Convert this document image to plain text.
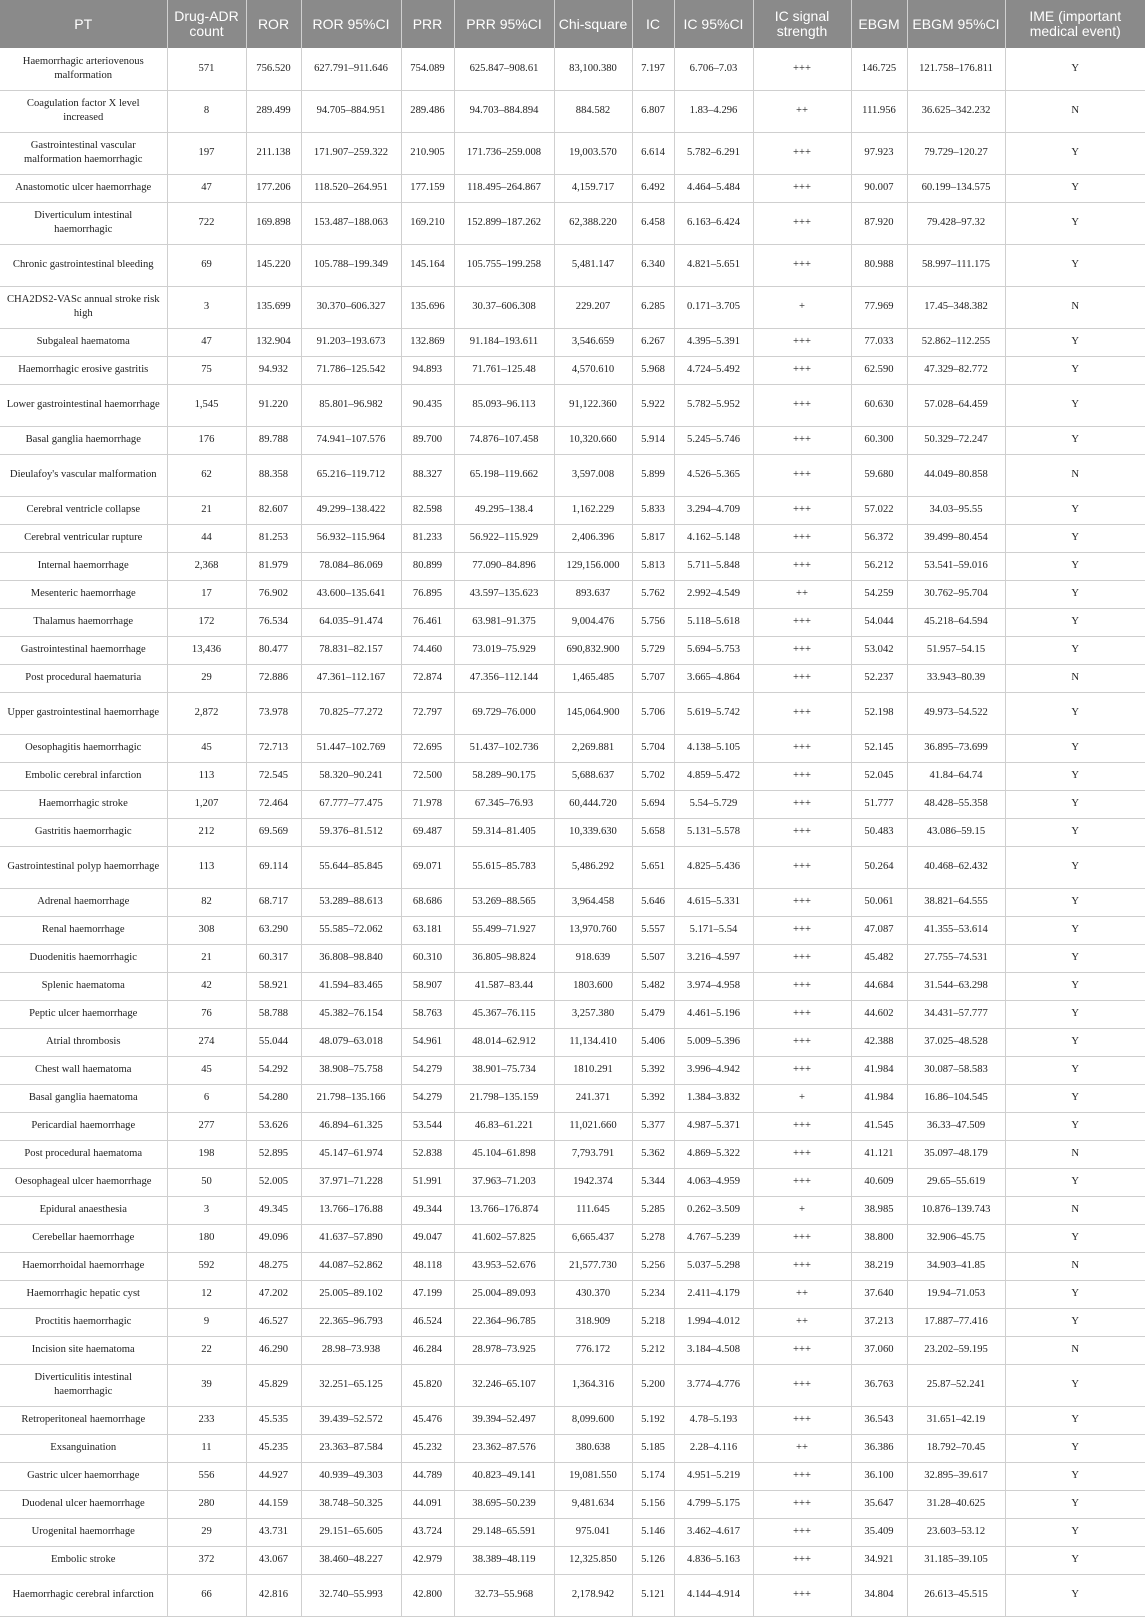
PT	Drug-ADR count	ROR	ROR 95%CI	PRR	PRR 95%CI	Chi-square	IC	IC 95%CI	IC signal strength	EBGM	EBGM 95%CI	IME (important medical event)
Haemorrhagic arteriovenous malformation	571	756.520	627.791–911.646	754.089	625.847–908.61	83,100.380	7.197	6.706–7.03	+++	146.725	121.758–176.811	Y
Coagulation factor X level increased	8	289.499	94.705–884.951	289.486	94.703–884.894	884.582	6.807	1.83–4.296	++	111.956	36.625–342.232	N
Gastrointestinal vascular malformation haemorrhagic	197	211.138	171.907–259.322	210.905	171.736–259.008	19,003.570	6.614	5.782–6.291	+++	97.923	79.729–120.27	Y
Anastomotic ulcer haemorrhage	47	177.206	118.520–264.951	177.159	118.495–264.867	4,159.717	6.492	4.464–5.484	+++	90.007	60.199–134.575	Y
Diverticulum intestinal haemorrhagic	722	169.898	153.487–188.063	169.210	152.899–187.262	62,388.220	6.458	6.163–6.424	+++	87.920	79.428–97.32	Y
Chronic gastrointestinal bleeding	69	145.220	105.788–199.349	145.164	105.755–199.258	5,481.147	6.340	4.821–5.651	+++	80.988	58.997–111.175	Y
CHA2DS2-VASc annual stroke risk high	3	135.699	30.370–606.327	135.696	30.37–606.308	229.207	6.285	0.171–3.705	+	77.969	17.45–348.382	N
Subgaleal haematoma	47	132.904	91.203–193.673	132.869	91.184–193.611	3,546.659	6.267	4.395–5.391	+++	77.033	52.862–112.255	Y
Haemorrhagic erosive gastritis	75	94.932	71.786–125.542	94.893	71.761–125.48	4,570.610	5.968	4.724–5.492	+++	62.590	47.329–82.772	Y
Lower gastrointestinal haemorrhage	1,545	91.220	85.801–96.982	90.435	85.093–96.113	91,122.360	5.922	5.782–5.952	+++	60.630	57.028–64.459	Y
Basal ganglia haemorrhage	176	89.788	74.941–107.576	89.700	74.876–107.458	10,320.660	5.914	5.245–5.746	+++	60.300	50.329–72.247	Y
Dieulafoy's vascular malformation	62	88.358	65.216–119.712	88.327	65.198–119.662	3,597.008	5.899	4.526–5.365	+++	59.680	44.049–80.858	N
Cerebral ventricle collapse	21	82.607	49.299–138.422	82.598	49.295–138.4	1,162.229	5.833	3.294–4.709	+++	57.022	34.03–95.55	Y
Cerebral ventricular rupture	44	81.253	56.932–115.964	81.233	56.922–115.929	2,406.396	5.817	4.162–5.148	+++	56.372	39.499–80.454	Y
Internal haemorrhage	2,368	81.979	78.084–86.069	80.899	77.090–84.896	129,156.000	5.813	5.711–5.848	+++	56.212	53.541–59.016	Y
Mesenteric haemorrhage	17	76.902	43.600–135.641	76.895	43.597–135.623	893.637	5.762	2.992–4.549	++	54.259	30.762–95.704	Y
Thalamus haemorrhage	172	76.534	64.035–91.474	76.461	63.981–91.375	9,004.476	5.756	5.118–5.618	+++	54.044	45.218–64.594	Y
Gastrointestinal haemorrhage	13,436	80.477	78.831–82.157	74.460	73.019–75.929	690,832.900	5.729	5.694–5.753	+++	53.042	51.957–54.15	Y
Post procedural haematuria	29	72.886	47.361–112.167	72.874	47.356–112.144	1,465.485	5.707	3.665–4.864	+++	52.237	33.943–80.39	N
Upper gastrointestinal haemorrhage	2,872	73.978	70.825–77.272	72.797	69.729–76.000	145,064.900	5.706	5.619–5.742	+++	52.198	49.973–54.522	Y
Oesophagitis haemorrhagic	45	72.713	51.447–102.769	72.695	51.437–102.736	2,269.881	5.704	4.138–5.105	+++	52.145	36.895–73.699	Y
Embolic cerebral infarction	113	72.545	58.320–90.241	72.500	58.289–90.175	5,688.637	5.702	4.859–5.472	+++	52.045	41.84–64.74	Y
Haemorrhagic stroke	1,207	72.464	67.777–77.475	71.978	67.345–76.93	60,444.720	5.694	5.54–5.729	+++	51.777	48.428–55.358	Y
Gastritis haemorrhagic	212	69.569	59.376–81.512	69.487	59.314–81.405	10,339.630	5.658	5.131–5.578	+++	50.483	43.086–59.15	Y
Gastrointestinal polyp haemorrhage	113	69.114	55.644–85.845	69.071	55.615–85.783	5,486.292	5.651	4.825–5.436	+++	50.264	40.468–62.432	Y
Adrenal haemorrhage	82	68.717	53.289–88.613	68.686	53.269–88.565	3,964.458	5.646	4.615–5.331	+++	50.061	38.821–64.555	Y
Renal haemorrhage	308	63.290	55.585–72.062	63.181	55.499–71.927	13,970.760	5.557	5.171–5.54	+++	47.087	41.355–53.614	Y
Duodenitis haemorrhagic	21	60.317	36.808–98.840	60.310	36.805–98.824	918.639	5.507	3.216–4.597	+++	45.482	27.755–74.531	Y
Splenic haematoma	42	58.921	41.594–83.465	58.907	41.587–83.44	1803.600	5.482	3.974–4.958	+++	44.684	31.544–63.298	Y
Peptic ulcer haemorrhage	76	58.788	45.382–76.154	58.763	45.367–76.115	3,257.380	5.479	4.461–5.196	+++	44.602	34.431–57.777	Y
Atrial thrombosis	274	55.044	48.079–63.018	54.961	48.014–62.912	11,134.410	5.406	5.009–5.396	+++	42.388	37.025–48.528	Y
Chest wall haematoma	45	54.292	38.908–75.758	54.279	38.901–75.734	1810.291	5.392	3.996–4.942	+++	41.984	30.087–58.583	Y
Basal ganglia haematoma	6	54.280	21.798–135.166	54.279	21.798–135.159	241.371	5.392	1.384–3.832	+	41.984	16.86–104.545	Y
Pericardial haemorrhage	277	53.626	46.894–61.325	53.544	46.83–61.221	11,021.660	5.377	4.987–5.371	+++	41.545	36.33–47.509	Y
Post procedural haematoma	198	52.895	45.147–61.974	52.838	45.104–61.898	7,793.791	5.362	4.869–5.322	+++	41.121	35.097–48.179	N
Oesophageal ulcer haemorrhage	50	52.005	37.971–71.228	51.991	37.963–71.203	1942.374	5.344	4.063–4.959	+++	40.609	29.65–55.619	Y
Epidural anaesthesia	3	49.345	13.766–176.88	49.344	13.766–176.874	111.645	5.285	0.262–3.509	+	38.985	10.876–139.743	N
Cerebellar haemorrhage	180	49.096	41.637–57.890	49.047	41.602–57.825	6,665.437	5.278	4.767–5.239	+++	38.800	32.906–45.75	Y
Haemorrhoidal haemorrhage	592	48.275	44.087–52.862	48.118	43.953–52.676	21,577.730	5.256	5.037–5.298	+++	38.219	34.903–41.85	N
Haemorrhagic hepatic cyst	12	47.202	25.005–89.102	47.199	25.004–89.093	430.370	5.234	2.411–4.179	++	37.640	19.94–71.053	Y
Proctitis haemorrhagic	9	46.527	22.365–96.793	46.524	22.364–96.785	318.909	5.218	1.994–4.012	++	37.213	17.887–77.416	Y
Incision site haematoma	22	46.290	28.98–73.938	46.284	28.978–73.925	776.172	5.212	3.184–4.508	+++	37.060	23.202–59.195	N
Diverticulitis intestinal haemorrhagic	39	45.829	32.251–65.125	45.820	32.246–65.107	1,364.316	5.200	3.774–4.776	+++	36.763	25.87–52.241	Y
Retroperitoneal haemorrhage	233	45.535	39.439–52.572	45.476	39.394–52.497	8,099.600	5.192	4.78–5.193	+++	36.543	31.651–42.19	Y
Exsanguination	11	45.235	23.363–87.584	45.232	23.362–87.576	380.638	5.185	2.28–4.116	++	36.386	18.792–70.45	Y
Gastric ulcer haemorrhage	556	44.927	40.939–49.303	44.789	40.823–49.141	19,081.550	5.174	4.951–5.219	+++	36.100	32.895–39.617	Y
Duodenal ulcer haemorrhage	280	44.159	38.748–50.325	44.091	38.695–50.239	9,481.634	5.156	4.799–5.175	+++	35.647	31.28–40.625	Y
Urogenital haemorrhage	29	43.731	29.151–65.605	43.724	29.148–65.591	975.041	5.146	3.462–4.617	+++	35.409	23.603–53.12	Y
Embolic stroke	372	43.067	38.460–48.227	42.979	38.389–48.119	12,325.850	5.126	4.836–5.163	+++	34.921	31.185–39.105	Y
Haemorrhagic cerebral infarction	66	42.816	32.740–55.993	42.800	32.73–55.968	2,178.942	5.121	4.144–4.914	+++	34.804	26.613–45.515	Y
